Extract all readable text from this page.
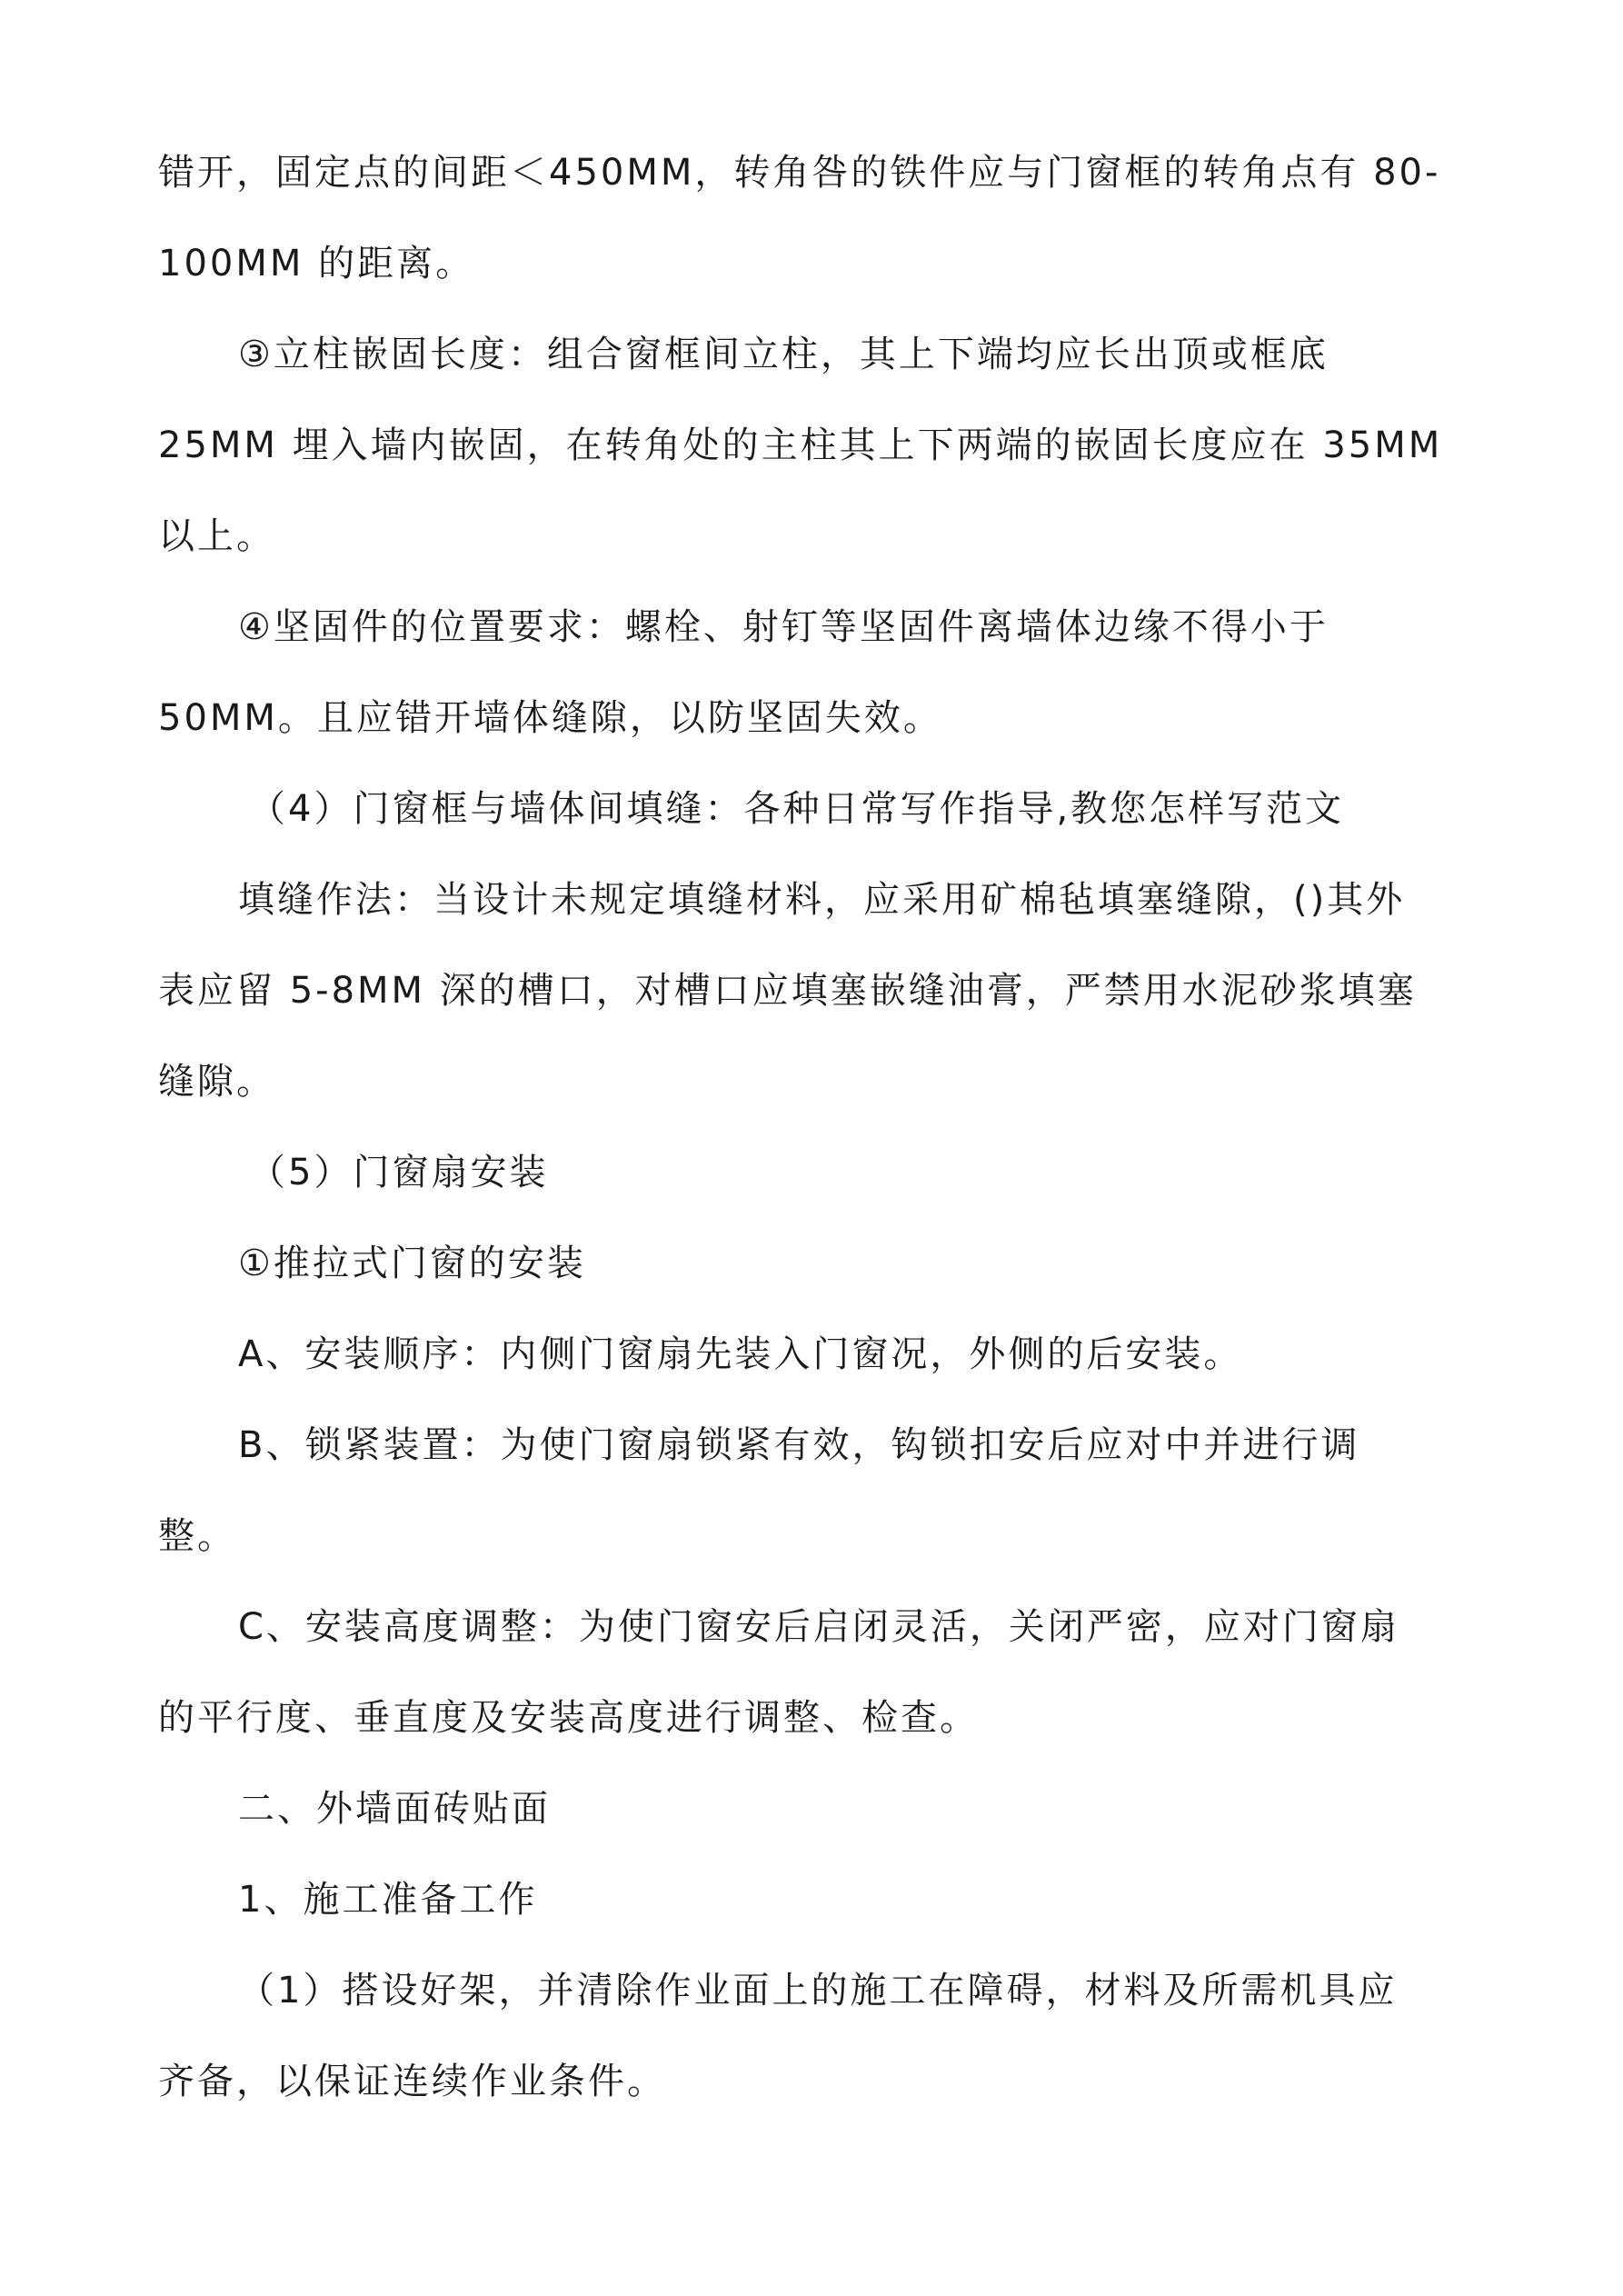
错开，固定点的间距＜450MM，转角咎的铁件应与门窗框的转角点有 80-
100MM 的距离。
③立柱嵌固长度：组合窗框间立柱，其上下端均应长出顶或框底
25MM 埋入墙内嵌固，在转角处的主柱其上下两端的嵌固长度应在 35MM
以上。
④坚固件的位置要求：螺栓、射钉等坚固件离墙体边缘不得小于
50MM。且应错开墙体缝隙，以防坚固失效。
（4）门窗框与墙体间填缝：各种日常写作指导,教您怎样写范文
填缝作法：当设计未规定填缝材料，应采用矿棉毡填塞缝隙，()其外
表应留 5-8MM 深的槽口，对槽口应填塞嵌缝油膏，严禁用水泥砂浆填塞
缝隙。
（5）门窗扇安装
①推拉式门窗的安装
A、安装顺序：内侧门窗扇先装入门窗况，外侧的后安装。
B、锁紧装置：为使门窗扇锁紧有效，钩锁扣安后应对中并进行调
整。
C、安装高度调整：为使门窗安后启闭灵活，关闭严密，应对门窗扇
的平行度、垂直度及安装高度进行调整、检查。
二、外墙面砖贴面
1、施工准备工作
（1）搭设好架，并清除作业面上的施工在障碍，材料及所需机具应
齐备，以保证连续作业条件。
